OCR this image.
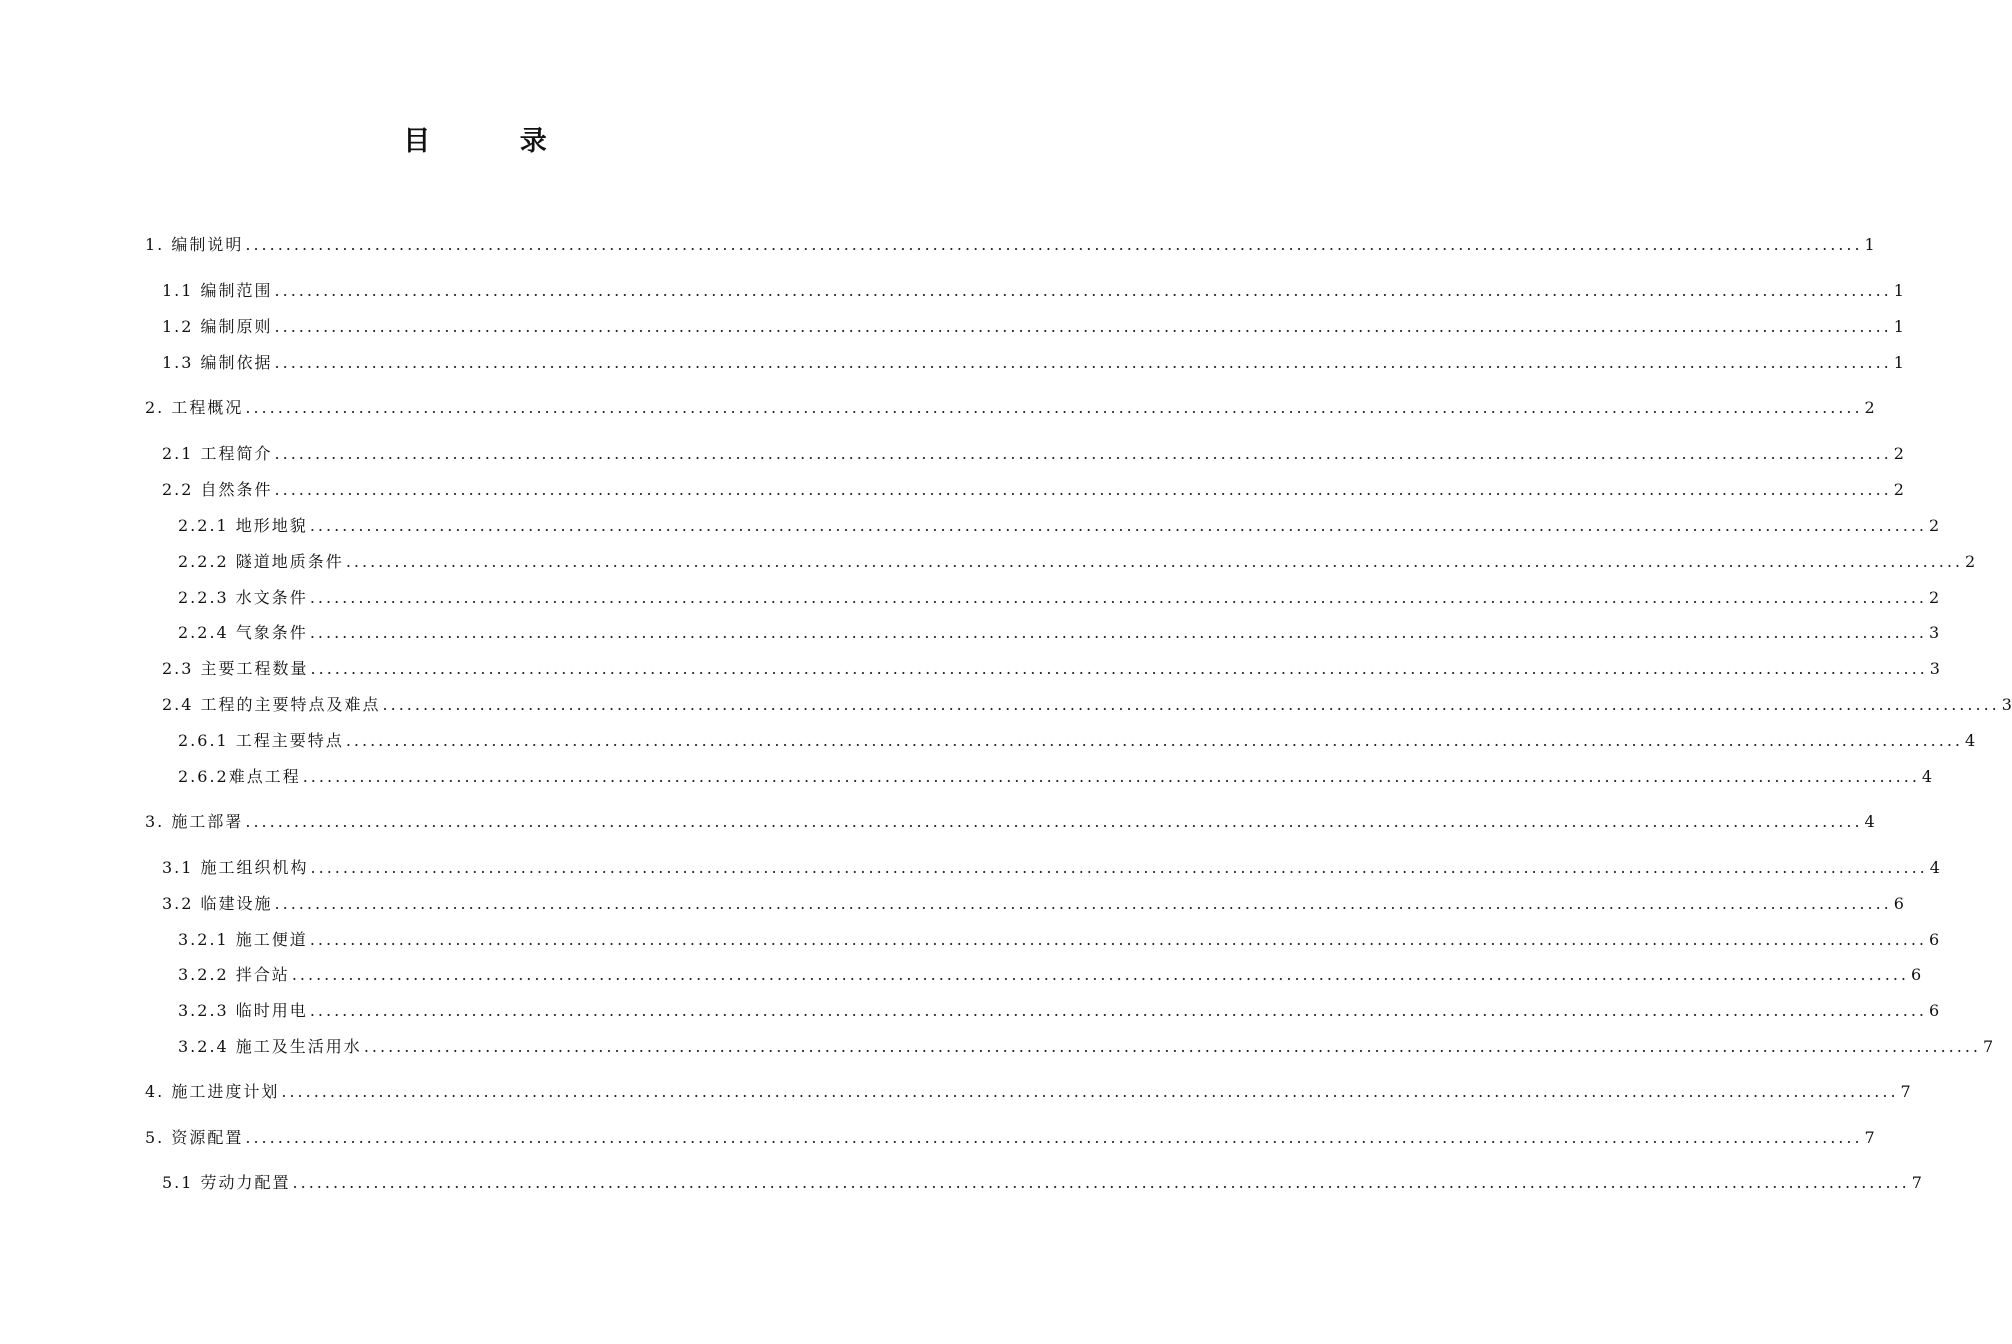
目 录
1. 编制说明 ........................................................................................................................................................................................................ 1
1.1 编制范围 ........................................................................................................................................................................................................ 1
1.2 编制原则 ........................................................................................................................................................................................................ 1
1.3 编制依据 ........................................................................................................................................................................................................ 1
2. 工程概况 ........................................................................................................................................................................................................ 2
2.1 工程简介 ........................................................................................................................................................................................................ 2
2.2 自然条件 ........................................................................................................................................................................................................ 2
2.2.1 地形地貌 ........................................................................................................................................................................................................ 2
2.2.2 隧道地质条件 ........................................................................................................................................................................................................ 2
2.2.3 水文条件 ........................................................................................................................................................................................................ 2
2.2.4 气象条件 ........................................................................................................................................................................................................ 3
2.3 主要工程数量 ........................................................................................................................................................................................................ 3
2.4 工程的主要特点及难点 ........................................................................................................................................................................................................ 3
2.6.1 工程主要特点 ........................................................................................................................................................................................................ 4
2.6.2难点工程 ........................................................................................................................................................................................................ 4
3. 施工部署 ........................................................................................................................................................................................................ 4
3.1 施工组织机构 ........................................................................................................................................................................................................ 4
3.2 临建设施 ........................................................................................................................................................................................................ 6
3.2.1 施工便道 ........................................................................................................................................................................................................ 6
3.2.2 拌合站 ........................................................................................................................................................................................................ 6
3.2.3 临时用电 ........................................................................................................................................................................................................ 6
3.2.4 施工及生活用水 ........................................................................................................................................................................................................ 7
4. 施工进度计划 ........................................................................................................................................................................................................ 7
5. 资源配置 ........................................................................................................................................................................................................ 7
5.1 劳动力配置 ........................................................................................................................................................................................................ 7
